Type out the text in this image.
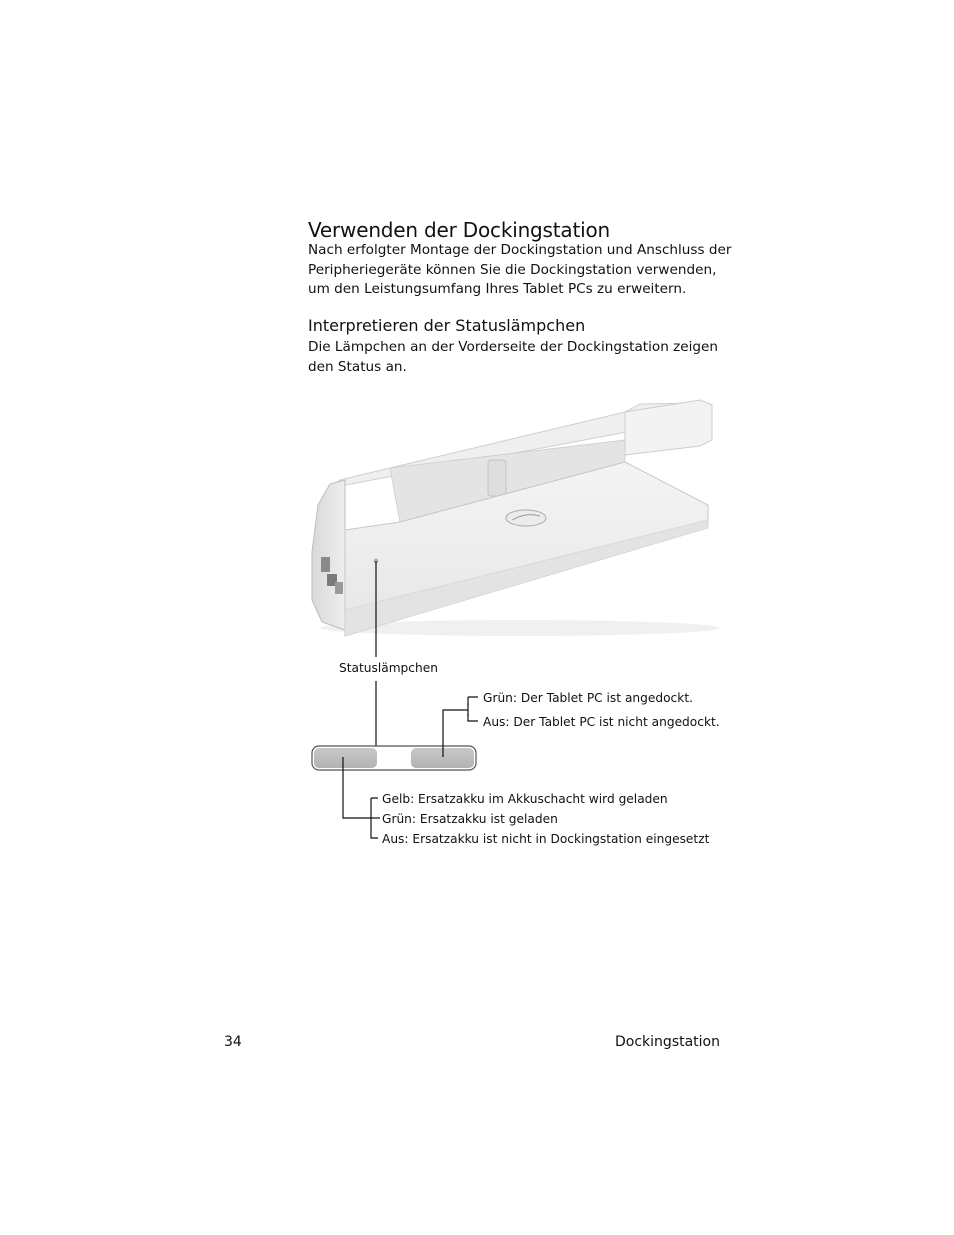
Verwenden der Dockingstation

Nach erfolgter Montage der Dockingstation und Anschluss der Peripheriegeräte können Sie die Dockingstation verwenden, um den Leistungsumfang Ihres Tablet PCs zu erweitern.

Interpretieren der Statuslämpchen

Die Lämpchen an der Vorderseite der Dockingstation zeigen den Status an.

Statuslämpchen
Grün: Der Tablet PC ist angedockt.
Aus: Der Tablet PC ist nicht angedockt.
Gelb: Ersatzakku im Akkuschacht wird geladen
Grün: Ersatzakku ist geladen
Aus: Ersatzakku ist nicht in Dockingstation eingesetzt
34	Dockingstation
